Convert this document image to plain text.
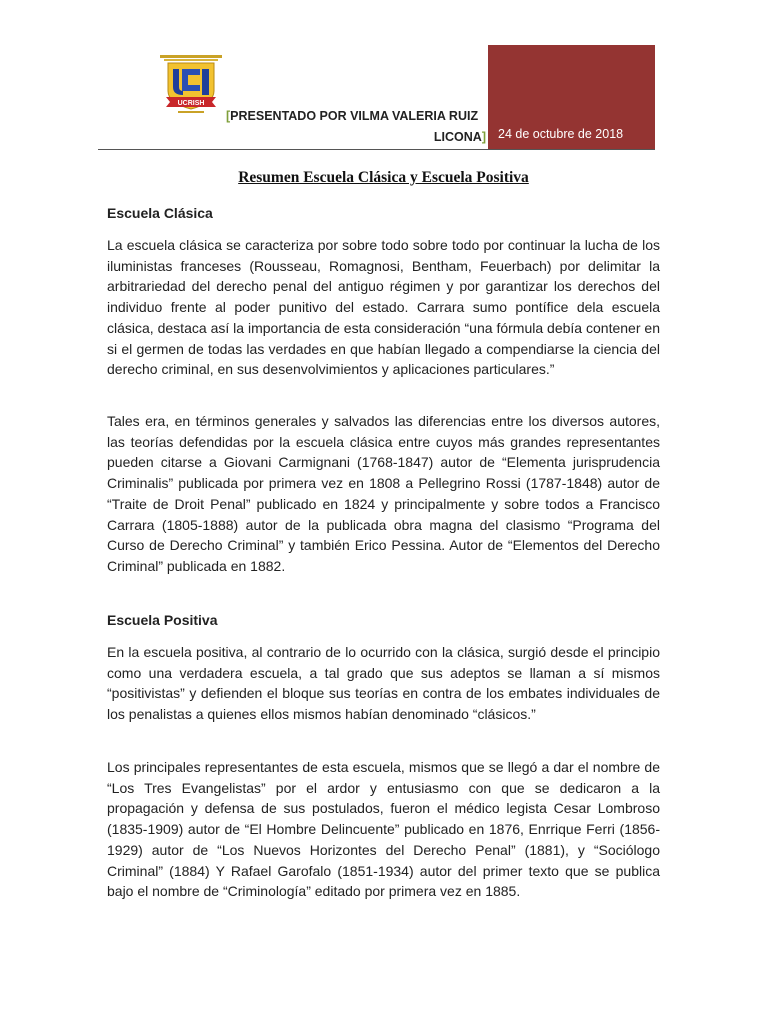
UCRISH
[PRESENTADO POR VILMA VALERIA RUIZ
LICONA] 24 de octubre de 2018
Resumen Escuela Clásica y Escuela Positiva
Escuela Clásica
La escuela clásica se caracteriza por sobre todo sobre todo por continuar la lucha de los iluministas franceses (Rousseau, Romagnosi, Bentham, Feuerbach) por delimitar la arbitrariedad del derecho penal del antiguo régimen y por garantizar los derechos del individuo frente al poder punitivo del estado. Carrara sumo pontífice dela escuela clásica, destaca así la importancia de esta consideración “una fórmula debía contener en si el germen de todas las verdades en que habían llegado a compendiarse la ciencia del derecho criminal, en sus desenvolvimientos y aplicaciones particulares.”
Tales era, en términos generales y salvados las diferencias entre los diversos autores, las teorías defendidas por la escuela clásica entre cuyos más grandes representantes pueden citarse a Giovani Carmignani (1768-1847) autor de “Elementa jurisprudencia Criminalis” publicada por primera vez en 1808 a Pellegrino Rossi (1787-1848) autor de “Traite de Droit Penal” publicado en 1824 y principalmente y sobre todos a Francisco Carrara (1805-1888) autor de la publicada obra magna del clasismo “Programa del Curso de Derecho Criminal” y también Erico Pessina. Autor de “Elementos del Derecho Criminal” publicada en 1882.
Escuela Positiva
En la escuela positiva, al contrario de lo ocurrido con la clásica, surgió desde el principio como una verdadera escuela, a tal grado que sus adeptos se llaman a sí mismos “positivistas” y defienden el bloque sus teorías en contra de los embates individuales de los penalistas a quienes ellos mismos habían denominado “clásicos.”
Los principales representantes de esta escuela, mismos que se llegó a dar el nombre de “Los Tres Evangelistas” por el ardor y entusiasmo con que se dedicaron a la propagación y defensa de sus postulados, fueron el médico legista Cesar Lombroso (1835-1909) autor de “El Hombre Delincuente” publicado en 1876, Enrrique Ferri (1856-1929) autor de “Los Nuevos Horizontes del Derecho Penal” (1881), y “Sociólogo Criminal” (1884) Y Rafael Garofalo (1851-1934) autor del primer texto que se publica bajo el nombre de “Criminología” editado por primera vez en 1885.
